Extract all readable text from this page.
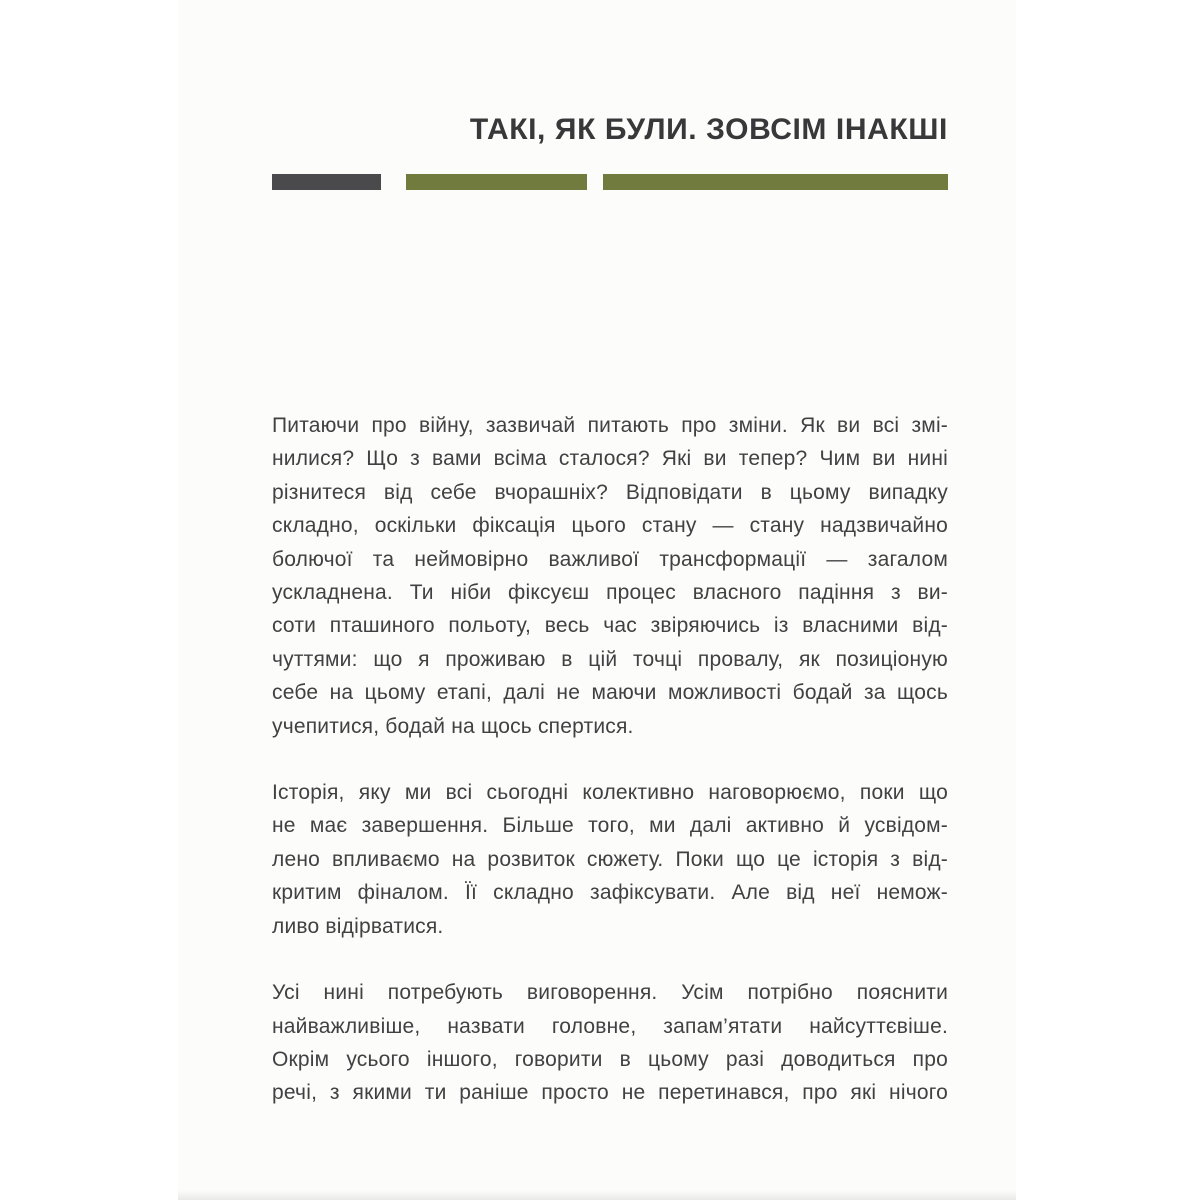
ТАКІ, ЯК БУЛИ. ЗОВСІМ ІНАКШІ
Питаючи про війну, зазвичай питають про зміни. Як ви всі змі-
нилися? Що з вами всіма сталося? Які ви тепер? Чим ви нині
різнитеся від себе вчорашніх? Відповідати в цьому випадку
складно, оскільки фіксація цього стану — стану надзвичайно
болючої та неймовірно важливої трансформації — загалом
ускладнена. Ти ніби фіксуєш процес власного падіння з ви-
соти пташиного польоту, весь час звіряючись із власними від-
чуттями: що я проживаю в цій точці провалу, як позиціоную
себе на цьому етапі, далі не маючи можливості бодай за щось
учепитися, бодай на щось спертися.
Історія, яку ми всі сьогодні колективно наговорюємо, поки що
не має завершення. Більше того, ми далі активно й усвідом-
лено впливаємо на розвиток сюжету. Поки що це історія з від-
критим фіналом. Її складно зафіксувати. Але від неї немож-
ливо відірватися.
Усі нині потребують виговорення. Усім потрібно пояснити
найважливіше, назвати головне, запам’ятати найсуттєвіше.
Окрім усього іншого, говорити в цьому разі доводиться про
речі, з якими ти раніше просто не перетинався, про які нічого
